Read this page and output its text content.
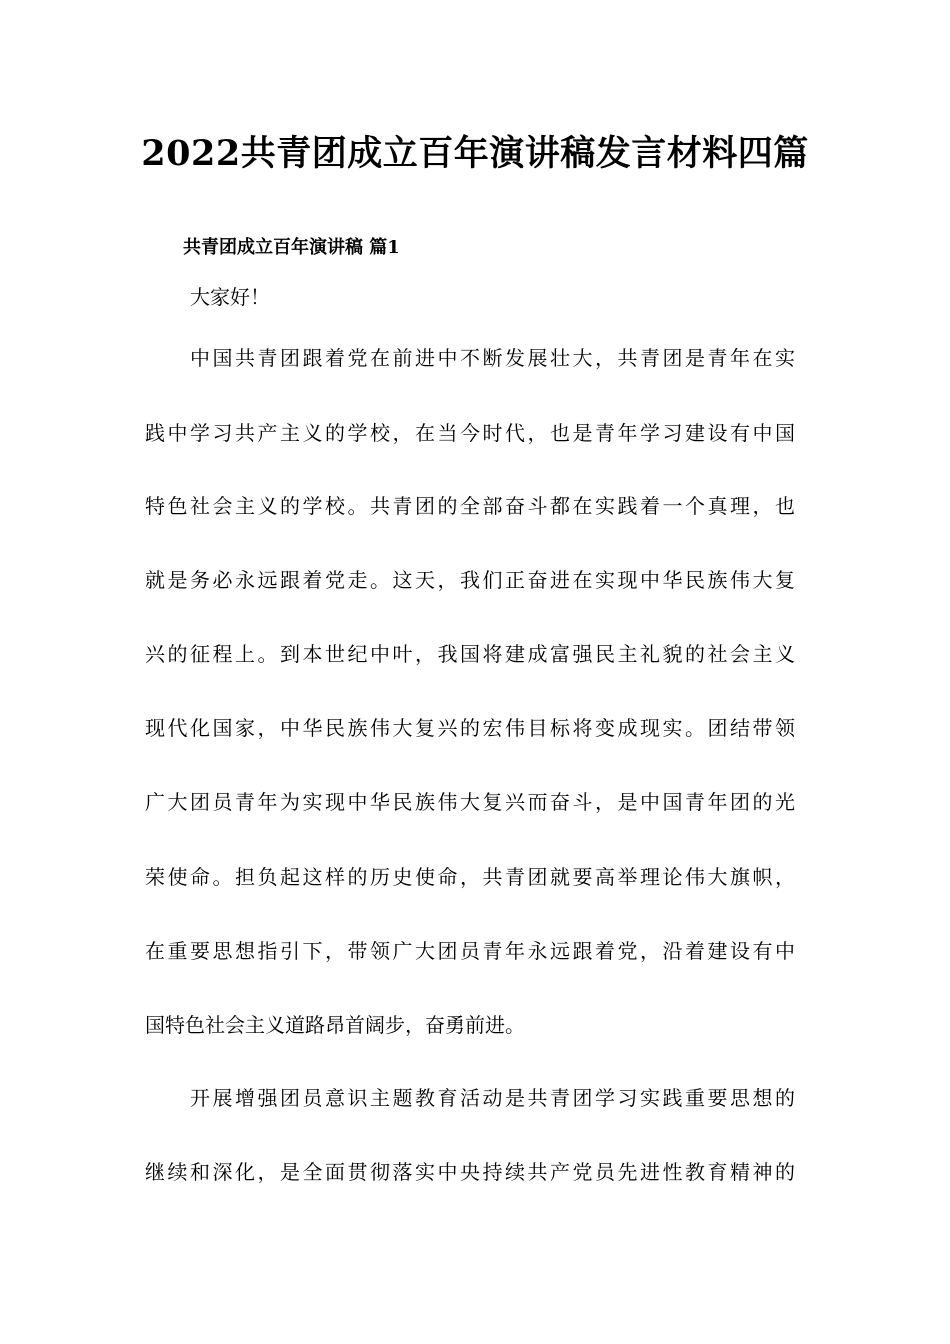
2022共青团成立百年演讲稿发言材料四篇
共青团成立百年演讲稿 篇1
大家好！
中国共青团跟着党在前进中不断发展壮大，共青团是青年在实
践中学习共产主义的学校，在当今时代，也是青年学习建设有中国
特色社会主义的学校。共青团的全部奋斗都在实践着一个真理，也
就是务必永远跟着党走。这天，我们正奋进在实现中华民族伟大复
兴的征程上。到本世纪中叶，我国将建成富强民主礼貌的社会主义
现代化国家，中华民族伟大复兴的宏伟目标将变成现实。团结带领
广大团员青年为实现中华民族伟大复兴而奋斗，是中国青年团的光
荣使命。担负起这样的历史使命，共青团就要高举理论伟大旗帜，
在重要思想指引下，带领广大团员青年永远跟着党，沿着建设有中
国特色社会主义道路昂首阔步，奋勇前进。
开展增强团员意识主题教育活动是共青团学习实践重要思想的
继续和深化，是全面贯彻落实中央持续共产党员先进性教育精神的
